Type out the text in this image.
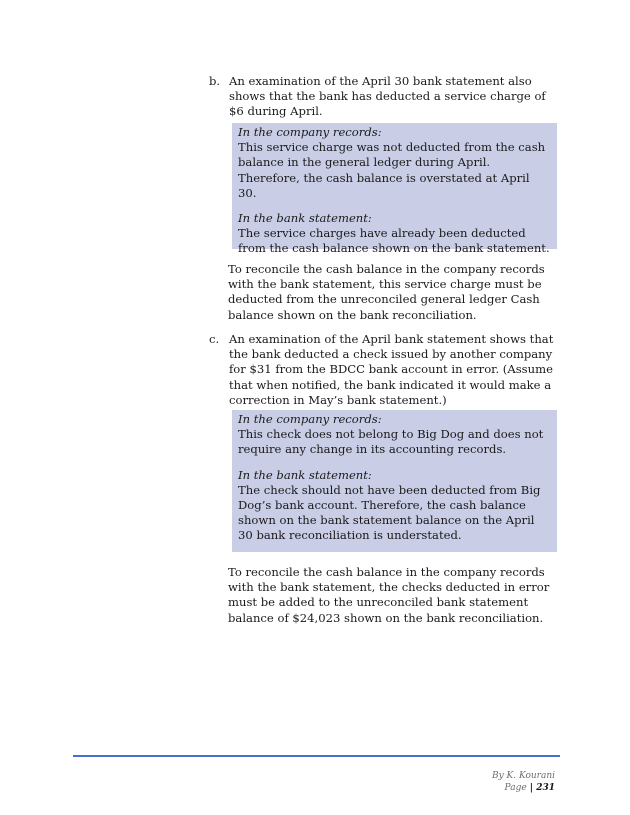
b. An examination of the April 30 bank statement also shows that the bank has deducted a service charge of $6 during April.
In the company records:
This service charge was not deducted from the cash balance in the general ledger during April. Therefore, the cash balance is overstated at April 30.
In the bank statement:
The service charges have already been deducted from the cash balance shown on the bank statement.
To reconcile the cash balance in the company records with the bank statement, this service charge must be deducted from the unreconciled general ledger Cash balance shown on the bank reconciliation.
c. An examination of the April bank statement shows that the bank deducted a check issued by another company for $31 from the BDCC bank account in error. (Assume that when notified, the bank indicated it would make a correction in May’s bank statement.)
In the company records:
This check does not belong to Big Dog and does not require any change in its accounting records.
In the bank statement:
The check should not have been deducted from Big Dog’s bank account. Therefore, the cash balance shown on the bank statement balance on the April 30 bank reconciliation is understated.
To reconcile the cash balance in the company records with the bank statement, the checks deducted in error must be added to the unreconciled bank statement balance of $24,023 shown on the bank reconciliation.
By K. Kourani
Page | 231
